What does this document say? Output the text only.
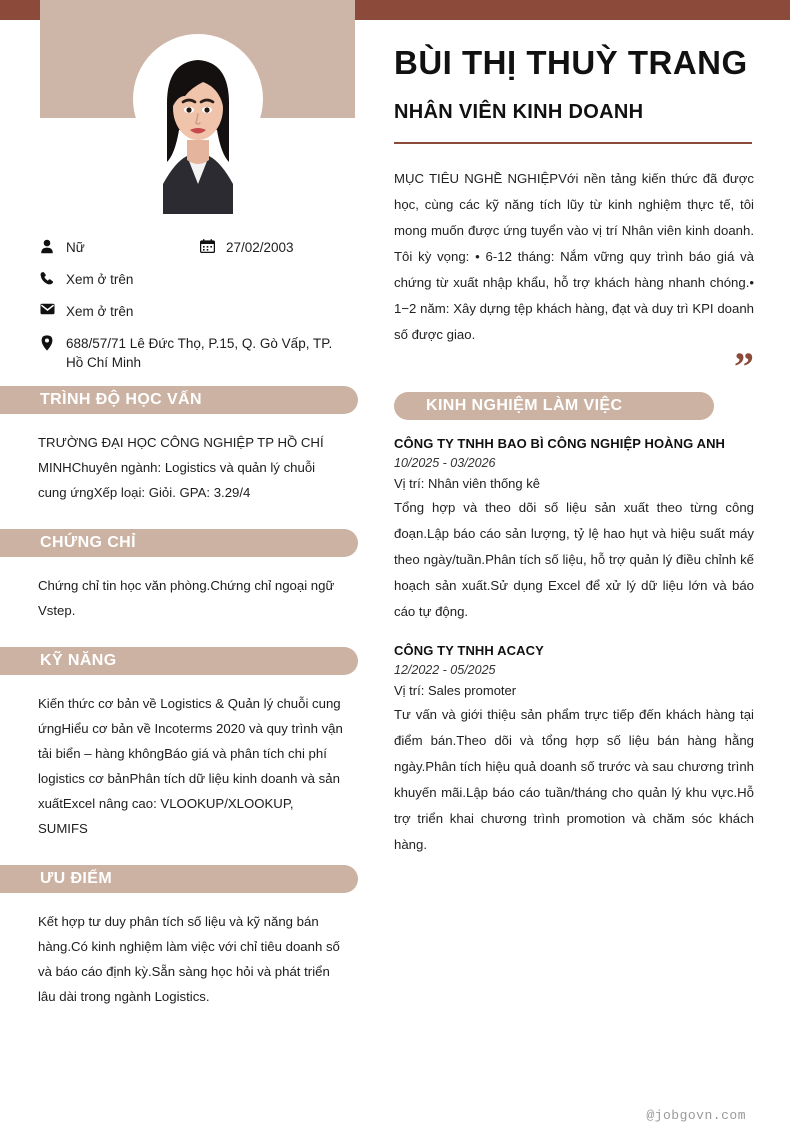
Nữ	27/02/2003
Xem ở trên
Xem ở trên
688/57/71 Lê Đức Thọ, P.15, Q. Gò Vấp, TP. Hồ Chí Minh
TRÌNH ĐỘ HỌC VẤN
TRƯỜNG ĐẠI HỌC CÔNG NGHIỆP TP HỒ CHÍ MINHChuyên ngành: Logistics và quản lý chuỗi cung ứngXếp loại: Giỏi. GPA: 3.29/4
CHỨNG CHỈ
Chứng chỉ tin học văn phòng.Chứng chỉ ngoại ngữ Vstep.
KỸ NĂNG
Kiến thức cơ bản về Logistics & Quản lý chuỗi cung ứngHiểu cơ bản về Incoterms 2020 và quy trình vận tải biển – hàng khôngBáo giá và phân tích chi phí logistics cơ bảnPhân tích dữ liệu kinh doanh và sản xuấtExcel nâng cao: VLOOKUP/XLOOKUP, SUMIFS
ƯU ĐIỂM
Kết hợp tư duy phân tích số liệu và kỹ năng bán hàng.Có kinh nghiệm làm việc với chỉ tiêu doanh số và báo cáo định kỳ.Sẵn sàng học hỏi và phát triển lâu dài trong ngành Logistics.
BÙI THỊ THUỲ TRANG
NHÂN VIÊN KINH DOANH
MỤC TIÊU NGHỀ NGHIỆPVới nền tảng kiến thức đã được học, cùng các kỹ năng tích lũy từ kinh nghiệm thực tế, tôi mong muốn được ứng tuyển vào vị trí Nhân viên kinh doanh. Tôi kỳ vọng: • 6-12 tháng: Nắm vững quy trình báo giá và chứng từ xuất nhập khẩu, hỗ trợ khách hàng nhanh chóng.• 1−2 năm: Xây dựng tệp khách hàng, đạt và duy trì KPI doanh số được giao.
”
KINH NGHIỆM LÀM VIỆC
CÔNG TY TNHH BAO BÌ CÔNG NGHIỆP HOÀNG ANH
10/2025 - 03/2026
Vị trí: Nhân viên thống kê
Tổng hợp và theo dõi số liệu sản xuất theo từng công đoạn.Lập báo cáo sản lượng, tỷ lệ hao hụt và hiệu suất máy theo ngày/tuần.Phân tích số liệu, hỗ trợ quản lý điều chỉnh kế hoạch sản xuất.Sử dụng Excel để xử lý dữ liệu lớn và báo cáo tự động.
CÔNG TY TNHH ACACY
12/2022 - 05/2025
Vị trí: Sales promoter
Tư vấn và giới thiệu sản phẩm trực tiếp đến khách hàng tại điểm bán.Theo dõi và tổng hợp số liệu bán hàng hằng ngày.Phân tích hiệu quả doanh số trước và sau chương trình khuyến mãi.Lập báo cáo tuần/tháng cho quản lý khu vực.Hỗ trợ triển khai chương trình promotion và chăm sóc khách hàng.
@jobgovn.com
